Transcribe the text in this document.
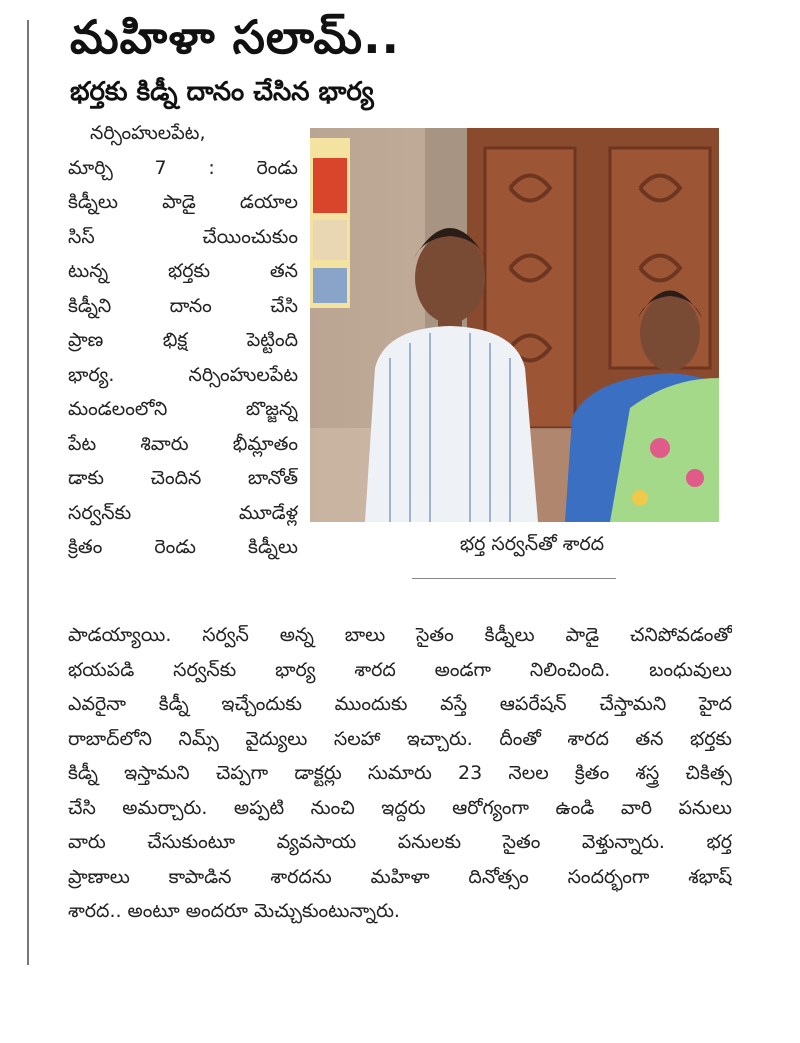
మహిళా సలామ్..
భర్తకు కిడ్నీ దానం చేసిన భార్య
నర్సింహులపేట,
మార్చి 7 : రెండు
కిడ్నీలు పాడై డయాల
సిస్ చేయించుకుం
టున్న భర్తకు తన
కిడ్నీని దానం చేసి
ప్రాణ భిక్ష పెట్టింది
భార్య. నర్సింహులపేట
మండలంలోని బొజ్జన్న
పేట శివారు భీమ్లాతం
డాకు చెందిన బానోత్
సర్వన్‌కు మూడేళ్ల
క్రితం రెండు కిడ్నీలు	భర్త సర్వన్‌తో శారద
పాడయ్యాయి. సర్వన్ అన్న బాలు సైతం కిడ్నీలు పాడై చనిపోవడంతో
భయపడి సర్వన్‌కు భార్య శారద అండగా నిలించింది. బంధువులు
ఎవరైనా కిడ్నీ ఇచ్చేందుకు ముందుకు వస్తే ఆపరేషన్ చేస్తామని హైద
రాబాద్‌లోని నిమ్స్ వైద్యులు సలహా ఇచ్చారు. దీంతో శారద తన భర్తకు
కిడ్నీ ఇస్తామని చెప్పగా డాక్టర్లు సుమారు 23 నెలల క్రితం శస్త్ర చికిత్స
చేసి అమర్చారు. అప్పటి నుంచి ఇద్దరు ఆరోగ్యంగా ఉండి వారి పనులు
వారు చేసుకుంటూ వ్యవసాయ పనులకు సైతం వెళ్తున్నారు. భర్త
ప్రాణాలు కాపాడిన శారదను మహిళా దినోత్సం సందర్భంగా శభాష్
శారద.. అంటూ అందరూ మెచ్చుకుంటున్నారు.
